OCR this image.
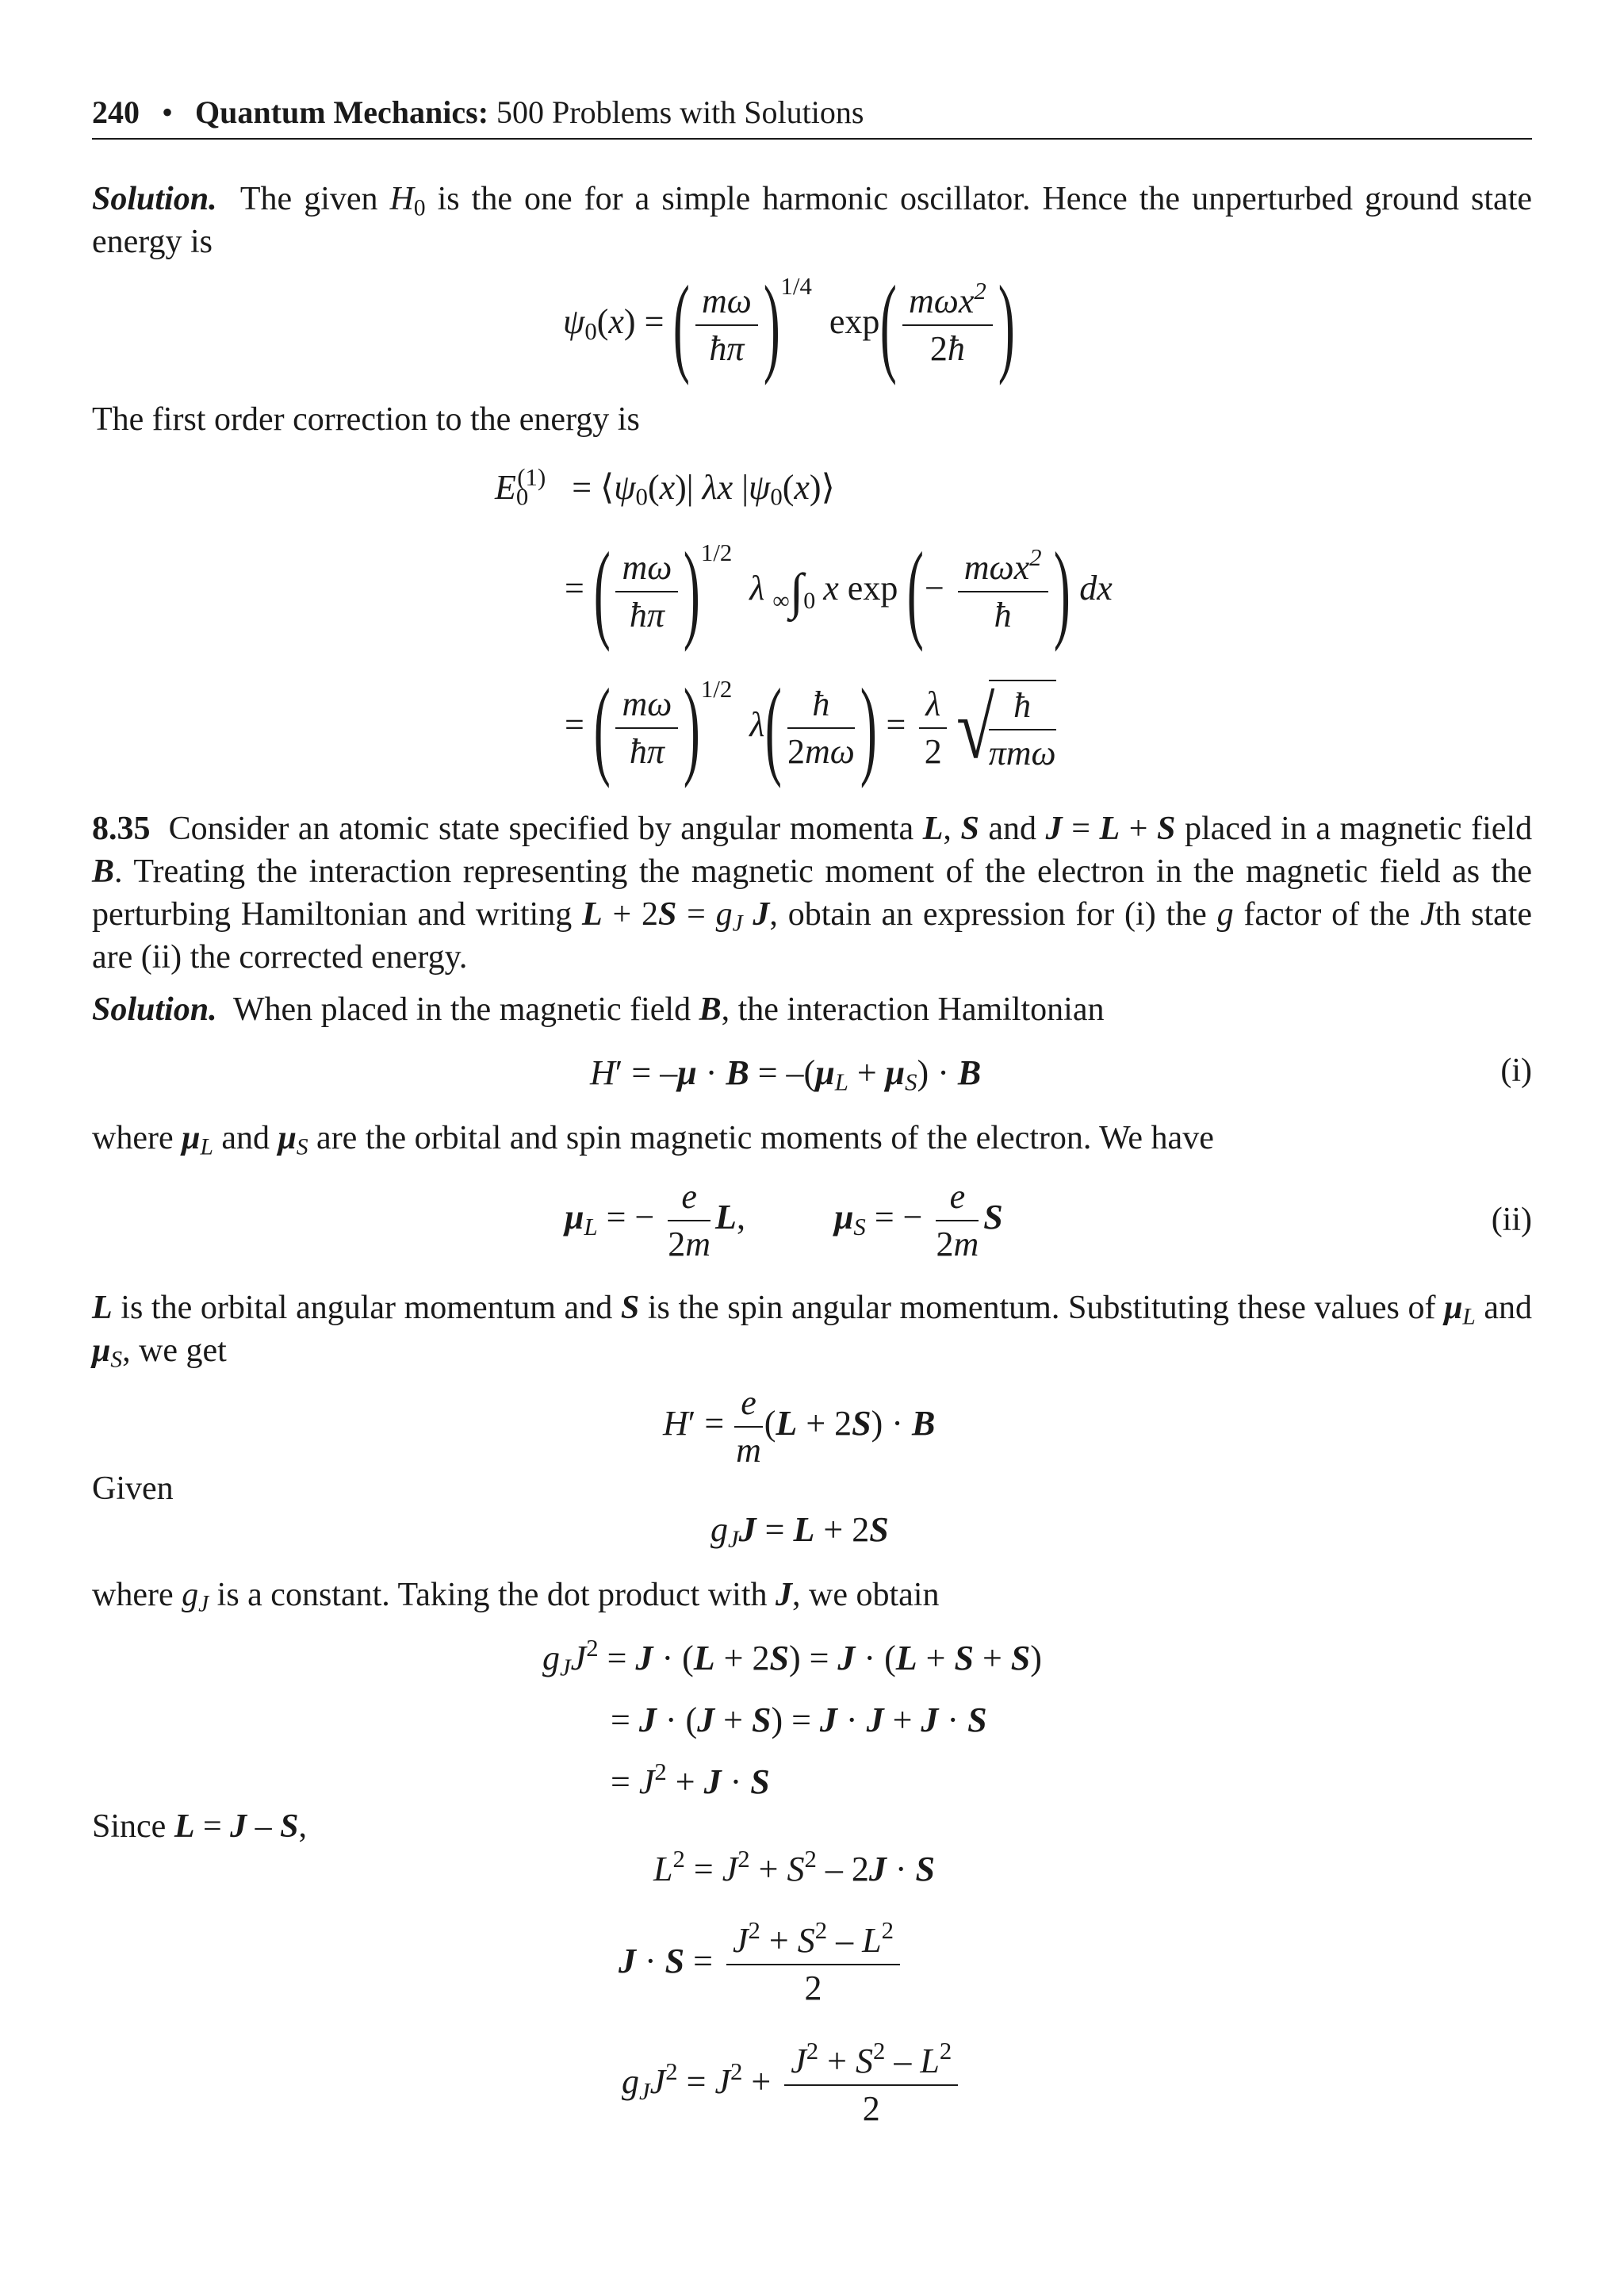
240 • Quantum Mechanics: 500 Problems with Solutions
Solution. The given $H_0$ is the one for a simple harmonic oscillator. Hence the unperturbed ground state energy is
$\psi_0(x)$ = ( $\frac{m\omega}{ħ\pi} )^{1/4}$  $\exp( \frac{m\omega x^2}{2ħ}$ )
The first order correction to the energy is
$E_0^{(1)}$   = $⟨\psi_0(x)|$ λx $|\psi_0(x)⟩$
= ( $\frac{m\omega}{ħ\pi} )^{1/2}$  λ ∞∫0 x exp (− $\frac{m\omega x^2}{ħ}$ ) dx
= ( $\frac{m\omega}{ħ\pi} )^{1/2}$  $\lambda( \frac{ħ}{2m\omega}$ ) = $\frac{\lambda}{2}$ √
$\frac{ħ}{\text{πmω}}$
8.35 Consider an atomic state specified by angular momenta L, S and J = L + S placed in a magnetic field B. Treating the interaction representing the magnetic moment of the electron in the magnetic field as the perturbing Hamiltonian and writing $L + 2S = g_J$ J, obtain an expression for (i) the g factor of the Jth state are (ii) the corrected energy.
Solution. When placed in the magnetic field B, the interaction Hamiltonian
$H' = -\mu \cdot B = -(\mu_L + \mu_S) \cdot B$	(i)
where $\mu_L$ and $\mu_S$ are the orbital and spin magnetic moments of the electron. We have
$\mu_L$ = − $\frac{e}{2m} L$,  $\mu_S$ = − $\frac{e}{2m}$ S	(ii)
L is the orbital angular momentum and S is the spin angular momentum. Substituting these values of $\mu_L$ and $\mu_S$, we get
$H' = \frac{e}{m} (L + 2S) \cdot B$
Given
$g_JJ = L + 2S$
where $g_J$ is a constant. Taking the dot product with J, we obtain
$g_JJ^2 = J \cdot (L + 2S) = J \cdot (L + S + S)$
= J · (J + S) = J · J + J · S
= $J^2 + J \cdot S$
Since L = J – S,
$L^2 = J^2 + S^2 - 2J \cdot S$
$J \cdot S = \frac{J^2 + S^2 - L^2}{2}$
$g_JJ^2 = J^2 + \frac{J^2 + S^2 - L^2}{2}$
